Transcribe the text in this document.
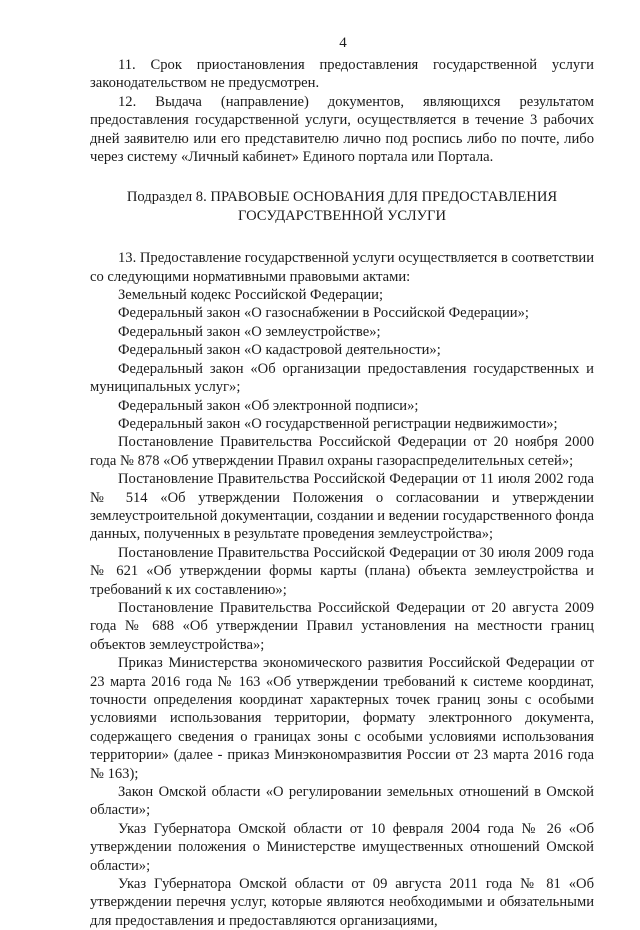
4

11. Срок приостановления предоставления государственной услуги законодательством не предусмотрен.

12. Выдача (направление) документов, являющихся результатом предоставления государственной услуги, осуществляется в течение 3 рабочих дней заявителю или его представителю лично под роспись либо по почте, либо через систему «Личный кабинет» Единого портала или Портала.

Подраздел 8. ПРАВОВЫЕ ОСНОВАНИЯ ДЛЯ ПРЕДОСТАВЛЕНИЯ
ГОСУДАРСТВЕННОЙ УСЛУГИ

13. Предоставление государственной услуги осуществляется в соответствии со следующими нормативными правовыми актами:

Земельный кодекс Российской Федерации;

Федеральный закон «О газоснабжении в Российской Федерации»;

Федеральный закон «О землеустройстве»;

Федеральный закон «О кадастровой деятельности»;

Федеральный закон «Об организации предоставления государственных и муниципальных услуг»;

Федеральный закон «Об электронной подписи»;

Федеральный закон «О государственной регистрации недвижимости»;

Постановление Правительства Российской Федерации от 20 ноября 2000 года № 878 «Об утверждении Правил охраны газораспределительных сетей»;

Постановление Правительства Российской Федерации от 11 июля 2002 года № 514 «Об утверждении Положения о согласовании и утверждении землеустроительной документации, создании и ведении государственного фонда данных, полученных в результате проведения землеустройства»;

Постановление Правительства Российской Федерации от 30 июля 2009 года № 621 «Об утверждении формы карты (плана) объекта землеустройства и требований к их составлению»;

Постановление Правительства Российской Федерации от 20 августа 2009 года № 688 «Об утверждении Правил установления на местности границ объектов землеустройства»;

Приказ Министерства экономического развития Российской Федерации от 23 марта 2016 года № 163 «Об утверждении требований к системе координат, точности определения координат характерных точек границ зоны с особыми условиями использования территории, формату электронного документа, содержащего сведения о границах зоны с особыми условиями использования территории» (далее - приказ Минэкономразвития России от 23 марта 2016 года № 163);

Закон Омской области «О регулировании земельных отношений в Омской области»;

Указ Губернатора Омской области от 10 февраля 2004 года № 26 «Об утверждении положения о Министерстве имущественных отношений Омской области»;

Указ Губернатора Омской области от 09 августа 2011 года № 81 «Об утверждении перечня услуг, которые являются необходимыми и обязательными для предоставления и предоставляются организациями,
